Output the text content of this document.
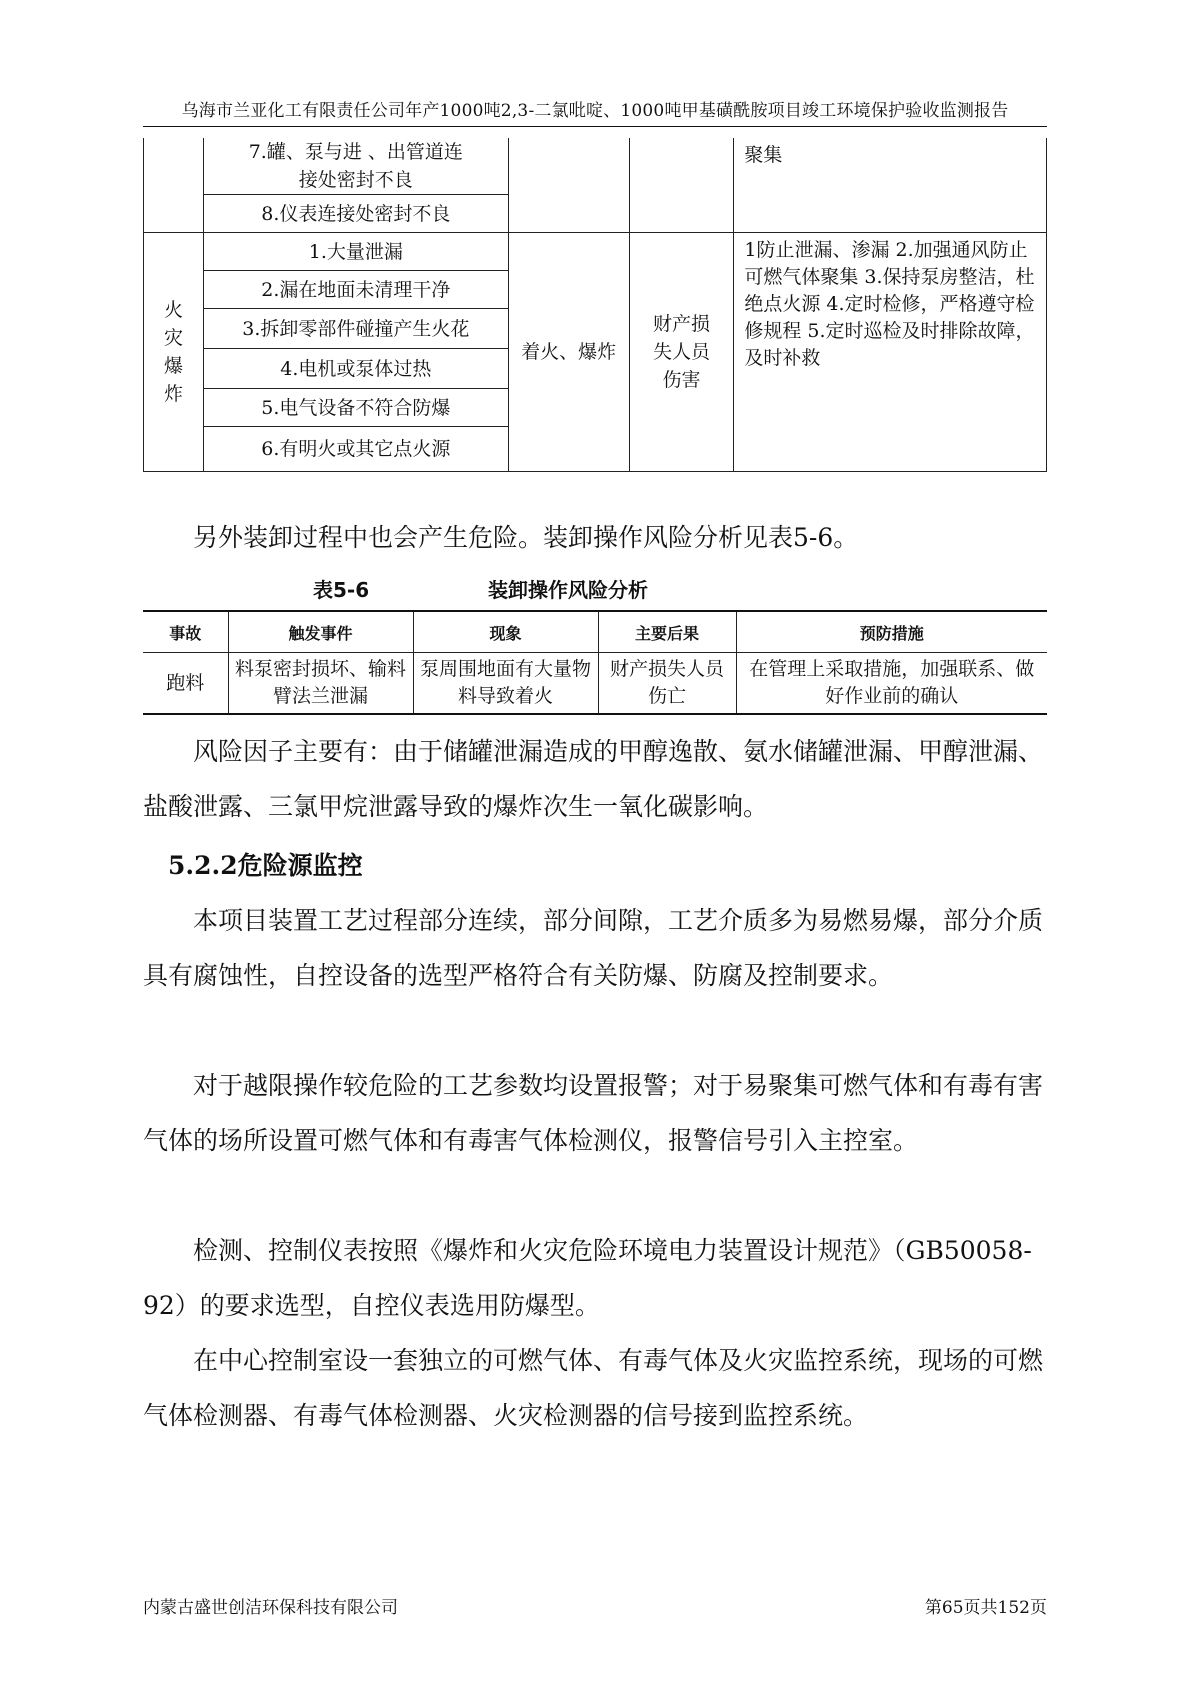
乌海市兰亚化工有限责任公司年产1000吨2,3-二氯吡啶、1000吨甲基磺酰胺项目竣工环境保护验收监测报告
	7.罐、泵与进 、出管道连接处密封不良			聚集
	8.仪表连接处密封不良			
火灾爆炸	1.大量泄漏	着火、爆炸	财产损失人员伤害	1防止泄漏、渗漏 2.加强通风防止可燃气体聚集 3.保持泵房整洁，杜绝点火源 4.定时检修，严格遵守检修规程 5.定时巡检及时排除故障，及时补救
	2.漏在地面未清理干净			
	3.拆卸零部件碰撞产生火花			
	4.电机或泵体过热			
	5.电气设备不符合防爆			
	6.有明火或其它点火源			

另外装卸过程中也会产生危险。装卸操作风险分析见表5-6。

表5-6	装卸操作风险分析
事故	触发事件	现象	主要后果	预防措施
跑料	料泵密封损坏、输料臂法兰泄漏	泵周围地面有大量物料导致着火	财产损失人员伤亡	在管理上采取措施，加强联系、做好作业前的确认

风险因子主要有：由于储罐泄漏造成的甲醇逸散、氨水储罐泄漏、甲醇泄漏、盐酸泄露、三氯甲烷泄露导致的爆炸次生一氧化碳影响。

5.2.2危险源监控

本项目装置工艺过程部分连续，部分间隙，工艺介质多为易燃易爆，部分介质具有腐蚀性，自控设备的选型严格符合有关防爆、防腐及控制要求。

对于越限操作较危险的工艺参数均设置报警；对于易聚集可燃气体和有毒有害气体的场所设置可燃气体和有毒害气体检测仪，报警信号引入主控室。

检测、控制仪表按照《爆炸和火灾危险环境电力装置设计规范》（GB50058-92）的要求选型，自控仪表选用防爆型。

在中心控制室设一套独立的可燃气体、有毒气体及火灾监控系统，现场的可燃气体检测器、有毒气体检测器、火灾检测器的信号接到监控系统。

内蒙古盛世创洁环保科技有限公司	第65页共152页
